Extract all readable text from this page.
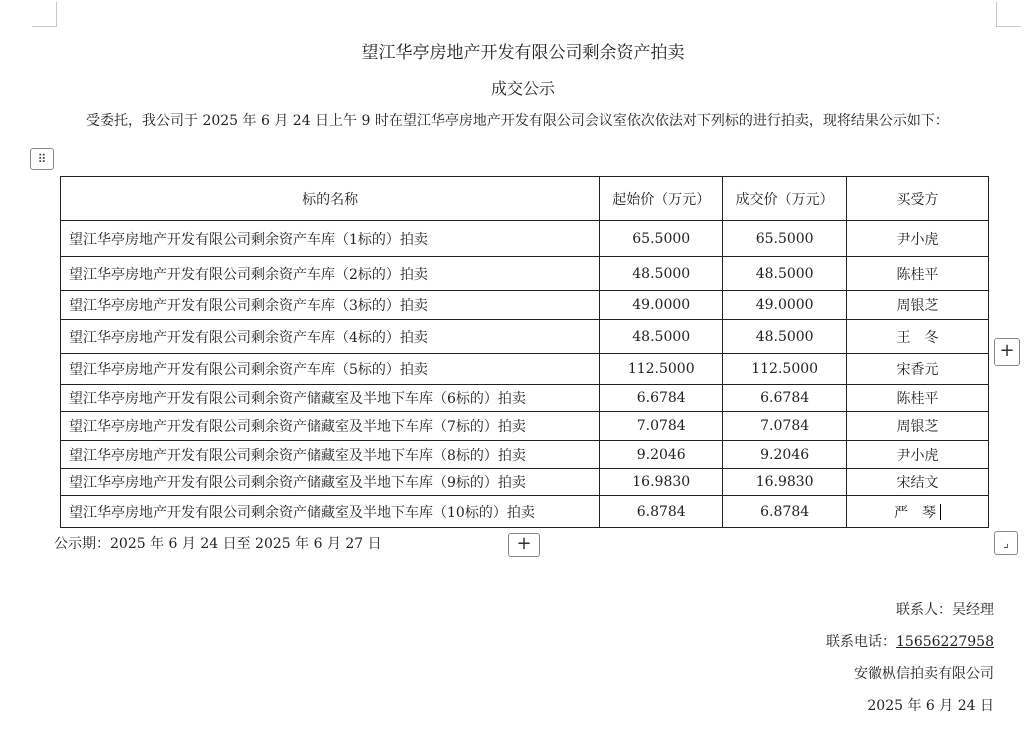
望江华亭房地产开发有限公司剩余资产拍卖
成交公示
受委托，我公司于 2025 年 6 月 24 日上午 9 时在望江华亭房地产开发有限公司会议室依次依法对下列标的进行拍卖，现将结果公示如下：
⠿
标的名称	起始价（万元）	成交价（万元）	买受方
望江华亭房地产开发有限公司剩余资产车库（1标的）拍卖	65.5000	65.5000	尹小虎
望江华亭房地产开发有限公司剩余资产车库（2标的）拍卖	48.5000	48.5000	陈桂平
望江华亭房地产开发有限公司剩余资产车库（3标的）拍卖	49.0000	49.0000	周银芝
望江华亭房地产开发有限公司剩余资产车库（4标的）拍卖	48.5000	48.5000	王　冬
望江华亭房地产开发有限公司剩余资产车库（5标的）拍卖	112.5000	112.5000	宋香元
望江华亭房地产开发有限公司剩余资产储藏室及半地下车库（6标的）拍卖	6.6784	6.6784	陈桂平
望江华亭房地产开发有限公司剩余资产储藏室及半地下车库（7标的）拍卖	7.0784	7.0784	周银芝
望江华亭房地产开发有限公司剩余资产储藏室及半地下车库（8标的）拍卖	9.2046	9.2046	尹小虎
望江华亭房地产开发有限公司剩余资产储藏室及半地下车库（9标的）拍卖	16.9830	16.9830	宋结文
望江华亭房地产开发有限公司剩余资产储藏室及半地下车库（10标的）拍卖	6.8784	6.8784	严　琴
+
+	⌟
公示期：2025 年 6 月 24 日至 2025 年 6 月 27 日
联系人：吴经理
联系电话：15656227958
安徽枞信拍卖有限公司
2025 年 6 月 24 日
